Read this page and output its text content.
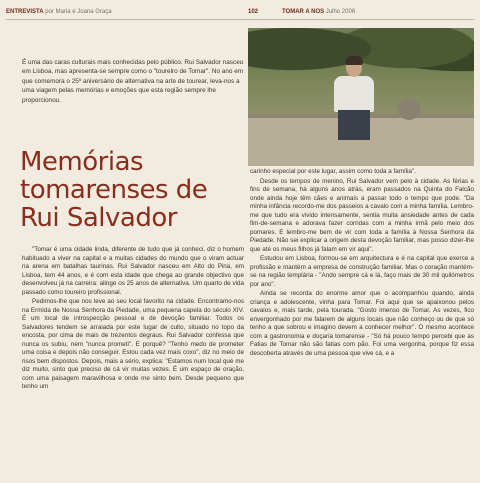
ENTREVISTA por Maria e Joana Graça	102	TOMAR A NOS Julho 2006
É uma das caras culturais mais conhecidas pelo público. Rui Salvador nasceu em Lisboa, mas apresenta-se sempre como o "tourelro de Tomar". No ano em que comemora o 25º aniversário de alternativa na arte de tourear, leva-nos a uma viagem pelas memórias e emoções que esta região sempre lhe proporcionou.
Memórias tomarenses de Rui Salvador

"Tomar é uma cidade linda, diferente de tudo que já conheci, diz o homem habituado a viver na capital e a muitas cidades do mundo que o viram actuar na arena em batalhas taurinas. Rui Salvador nasceu em Alto do Pina, em Lisboa, tem 44 anos, e é com esta idade que chega ao grande objectivo que desenvolveu já na carreira: alinge os 25 anos de alternativa. Um quarto de vida passado como toureiro profissional.

Pedimos-lhe que nos leve ao seu local favorito na cidade. Encontramo-nos na Ermida de Nossa Senhora da Piedade, uma pequena capela do século XIV. É um local de introspecção pessoal e de devoção familiar. Todos os Salvadores tendem se arraiada por este lugar de culto, situado no topo da encosta, por cima de mais de trezentos degraus. Rui Salvador confessa que nunca os subiu, nem "nunca prometi". E porquê? "Tenho medo de prometer uma coisa e depois não conseguir. Estou cada vez mais coxo", diz no meio de risos bem dispostos. Depois, mais a sério, explica: "Estamos num local que me diz muito, sinto que preciso de cá vir muitas vezes. É um espaço de oração, com uma paisagem maravilhosa e onde me sinto bem. Desde pequeno que tenho um

carinho especial por este lugar, assim como toda a família".

Desde os tempos de menino, Rui Salvador vem pelo à cidade. As férias e fins de semana, há alguns anos atrás, eram passados na Quinta do Falcão onde ainda hoje têm cães e animais a passar todo o tempo que pode. "Da minha infância recordo-me dos passeios a cavalo com a minha família. Lembro-me que tudo era vivido intensamente, sentia muita ansiedade antes de cada fim-de-semana e adorava fazer corridas com a minha irmã pelo meio dos pomares. E lembro-me bem de vir com toda a família à Nossa Senhora da Piedade. Não sei explicar a origem desta devoção familiar, mas posso dizer-lhe que até os meus filhos já falam em vir aqui".

Estudou em Lisboa, formou-se em arquitectura e é na capital que exerce a profissão e mantém a empresa de construção familiar. Mas o coração mantém-se na região templária - "Ando sempre cá e lá, faço mais de 30 mil quilómetros por ano".

Ainda se recorda do enorme amor que o acompanhou quando, ainda criança e adolescente, vinha para Tomar. Foi aqui que se apaixonou pelos cavalos e, mais tarde, pela tourada. "Gosto imenso de Tomar. As vezes, fico envergonhado por me falarem de alguns locais que não conheço ou de que só tenho a que sobrou e imagino devem a conhecer melhor". O mesmo acontece com a gastronomia e doçaria tomarense - "Só há pouco tempo percebi que as Fatias de Tomar não são fatias com pão. Foi uma vergonha, porque fiz essa descoberta através de uma pessoa que vive cá, e a
